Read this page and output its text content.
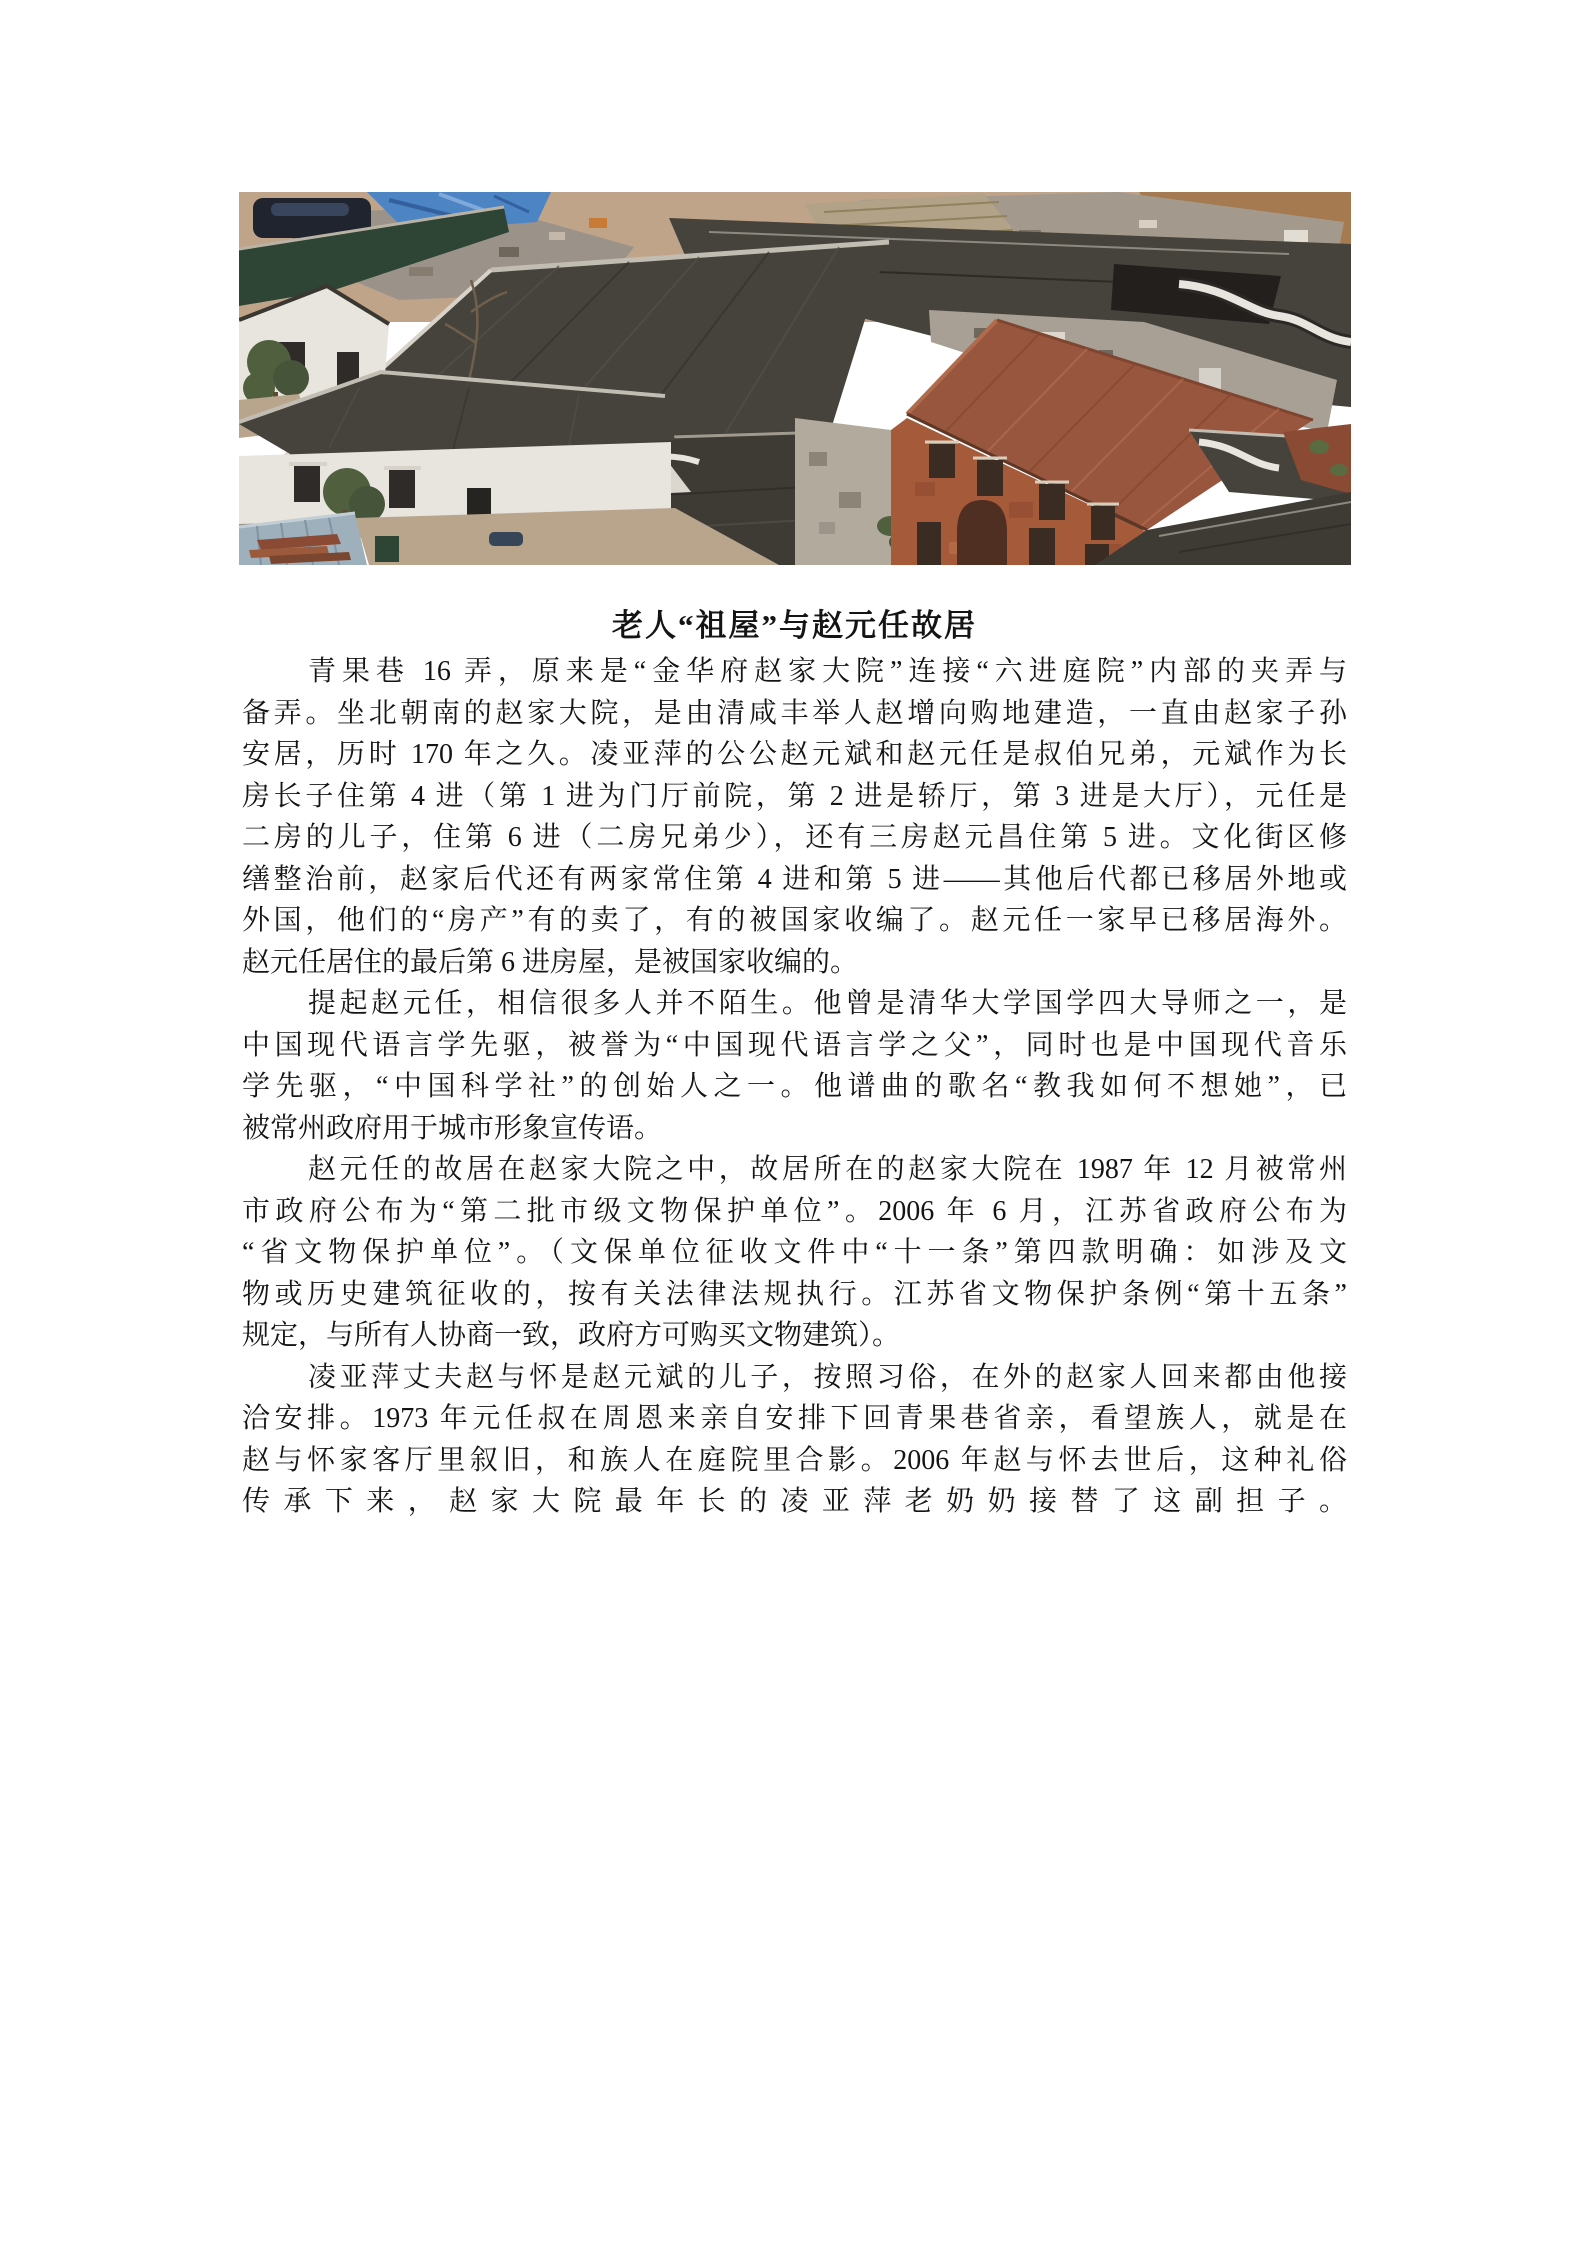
老人“祖屋”与赵元任故居
青果巷 16 弄，原来是“金华府赵家大院”连接“六进庭院”内部的夹弄与
备弄。坐北朝南的赵家大院，是由清咸丰举人赵增向购地建造，一直由赵家子孙
安居，历时 170 年之久。凌亚萍的公公赵元斌和赵元任是叔伯兄弟，元斌作为长
房长子住第 4 进（第 1 进为门厅前院，第 2 进是轿厅，第 3 进是大厅），元任是
二房的儿子，住第 6 进（二房兄弟少），还有三房赵元昌住第 5 进。文化街区修
缮整治前，赵家后代还有两家常住第 4 进和第 5 进——其他后代都已移居外地或
外国，他们的“房产”有的卖了，有的被国家收编了。赵元任一家早已移居海外。
赵元任居住的最后第 6 进房屋，是被国家收编的。
提起赵元任，相信很多人并不陌生。他曾是清华大学国学四大导师之一，是
中国现代语言学先驱，被誉为“中国现代语言学之父”，同时也是中国现代音乐
学先驱，“中国科学社”的创始人之一。他谱曲的歌名“教我如何不想她”，已
被常州政府用于城市形象宣传语。
赵元任的故居在赵家大院之中，故居所在的赵家大院在 1987 年 12 月被常州
市政府公布为“第二批市级文物保护单位”。2006 年 6 月，江苏省政府公布为
“省文物保护单位”。（文保单位征收文件中“十一条”第四款明确：如涉及文
物或历史建筑征收的，按有关法律法规执行。江苏省文物保护条例“第十五条”
规定，与所有人协商一致，政府方可购买文物建筑）。
凌亚萍丈夫赵与怀是赵元斌的儿子，按照习俗，在外的赵家人回来都由他接
洽安排。1973 年元任叔在周恩来亲自安排下回青果巷省亲，看望族人，就是在
赵与怀家客厅里叙旧，和族人在庭院里合影。2006 年赵与怀去世后，这种礼俗
传承下来，赵家大院最年长的凌亚萍老奶奶接替了这副担子。
